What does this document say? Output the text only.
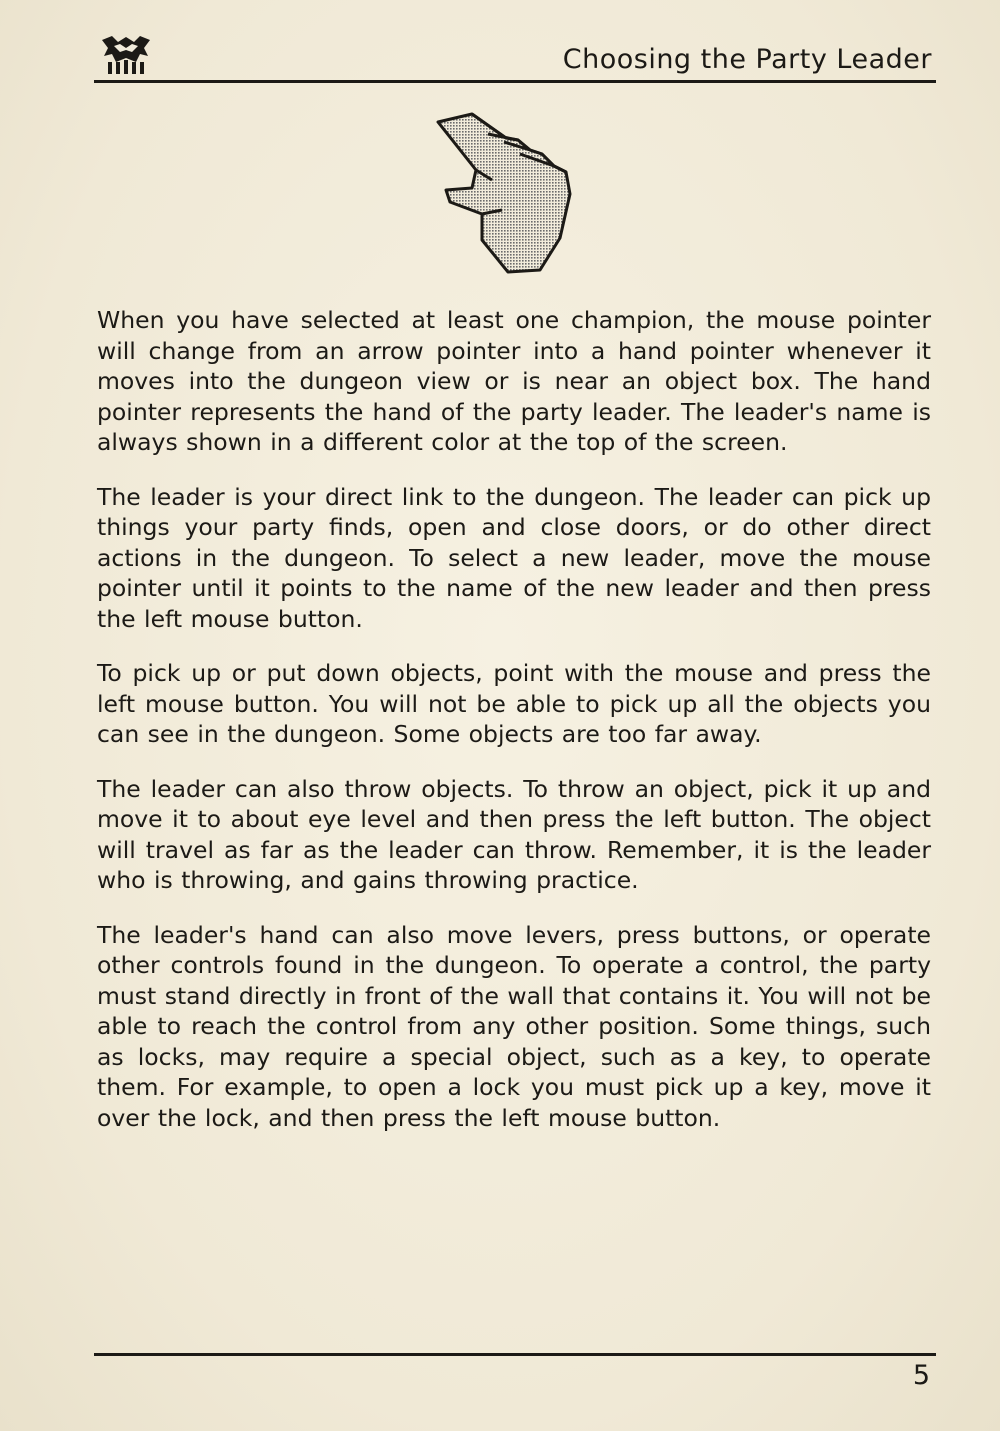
Choosing the Party Leader

When you have selected at least one champion, the mouse pointer will change from an arrow pointer into a hand pointer whenever it moves into the dungeon view or is near an object box. The hand pointer represents the hand of the party leader. The leader's name is always shown in a different color at the top of the screen.

The leader is your direct link to the dungeon. The leader can pick up things your party finds, open and close doors, or do other direct actions in the dungeon. To select a new leader, move the mouse pointer until it points to the name of the new leader and then press the left mouse button.

To pick up or put down objects, point with the mouse and press the left mouse button. You will not be able to pick up all the objects you can see in the dungeon. Some objects are too far away.

The leader can also throw objects. To throw an object, pick it up and move it to about eye level and then press the left button. The object will travel as far as the leader can throw. Remember, it is the leader who is throwing, and gains throwing practice.

The leader's hand can also move levers, press buttons, or operate other controls found in the dungeon. To operate a control, the party must stand directly in front of the wall that contains it. You will not be able to reach the control from any other position. Some things, such as locks, may require a special object, such as a key, to operate them. For example, to open a lock you must pick up a key, move it over the lock, and then press the left mouse button.

5
